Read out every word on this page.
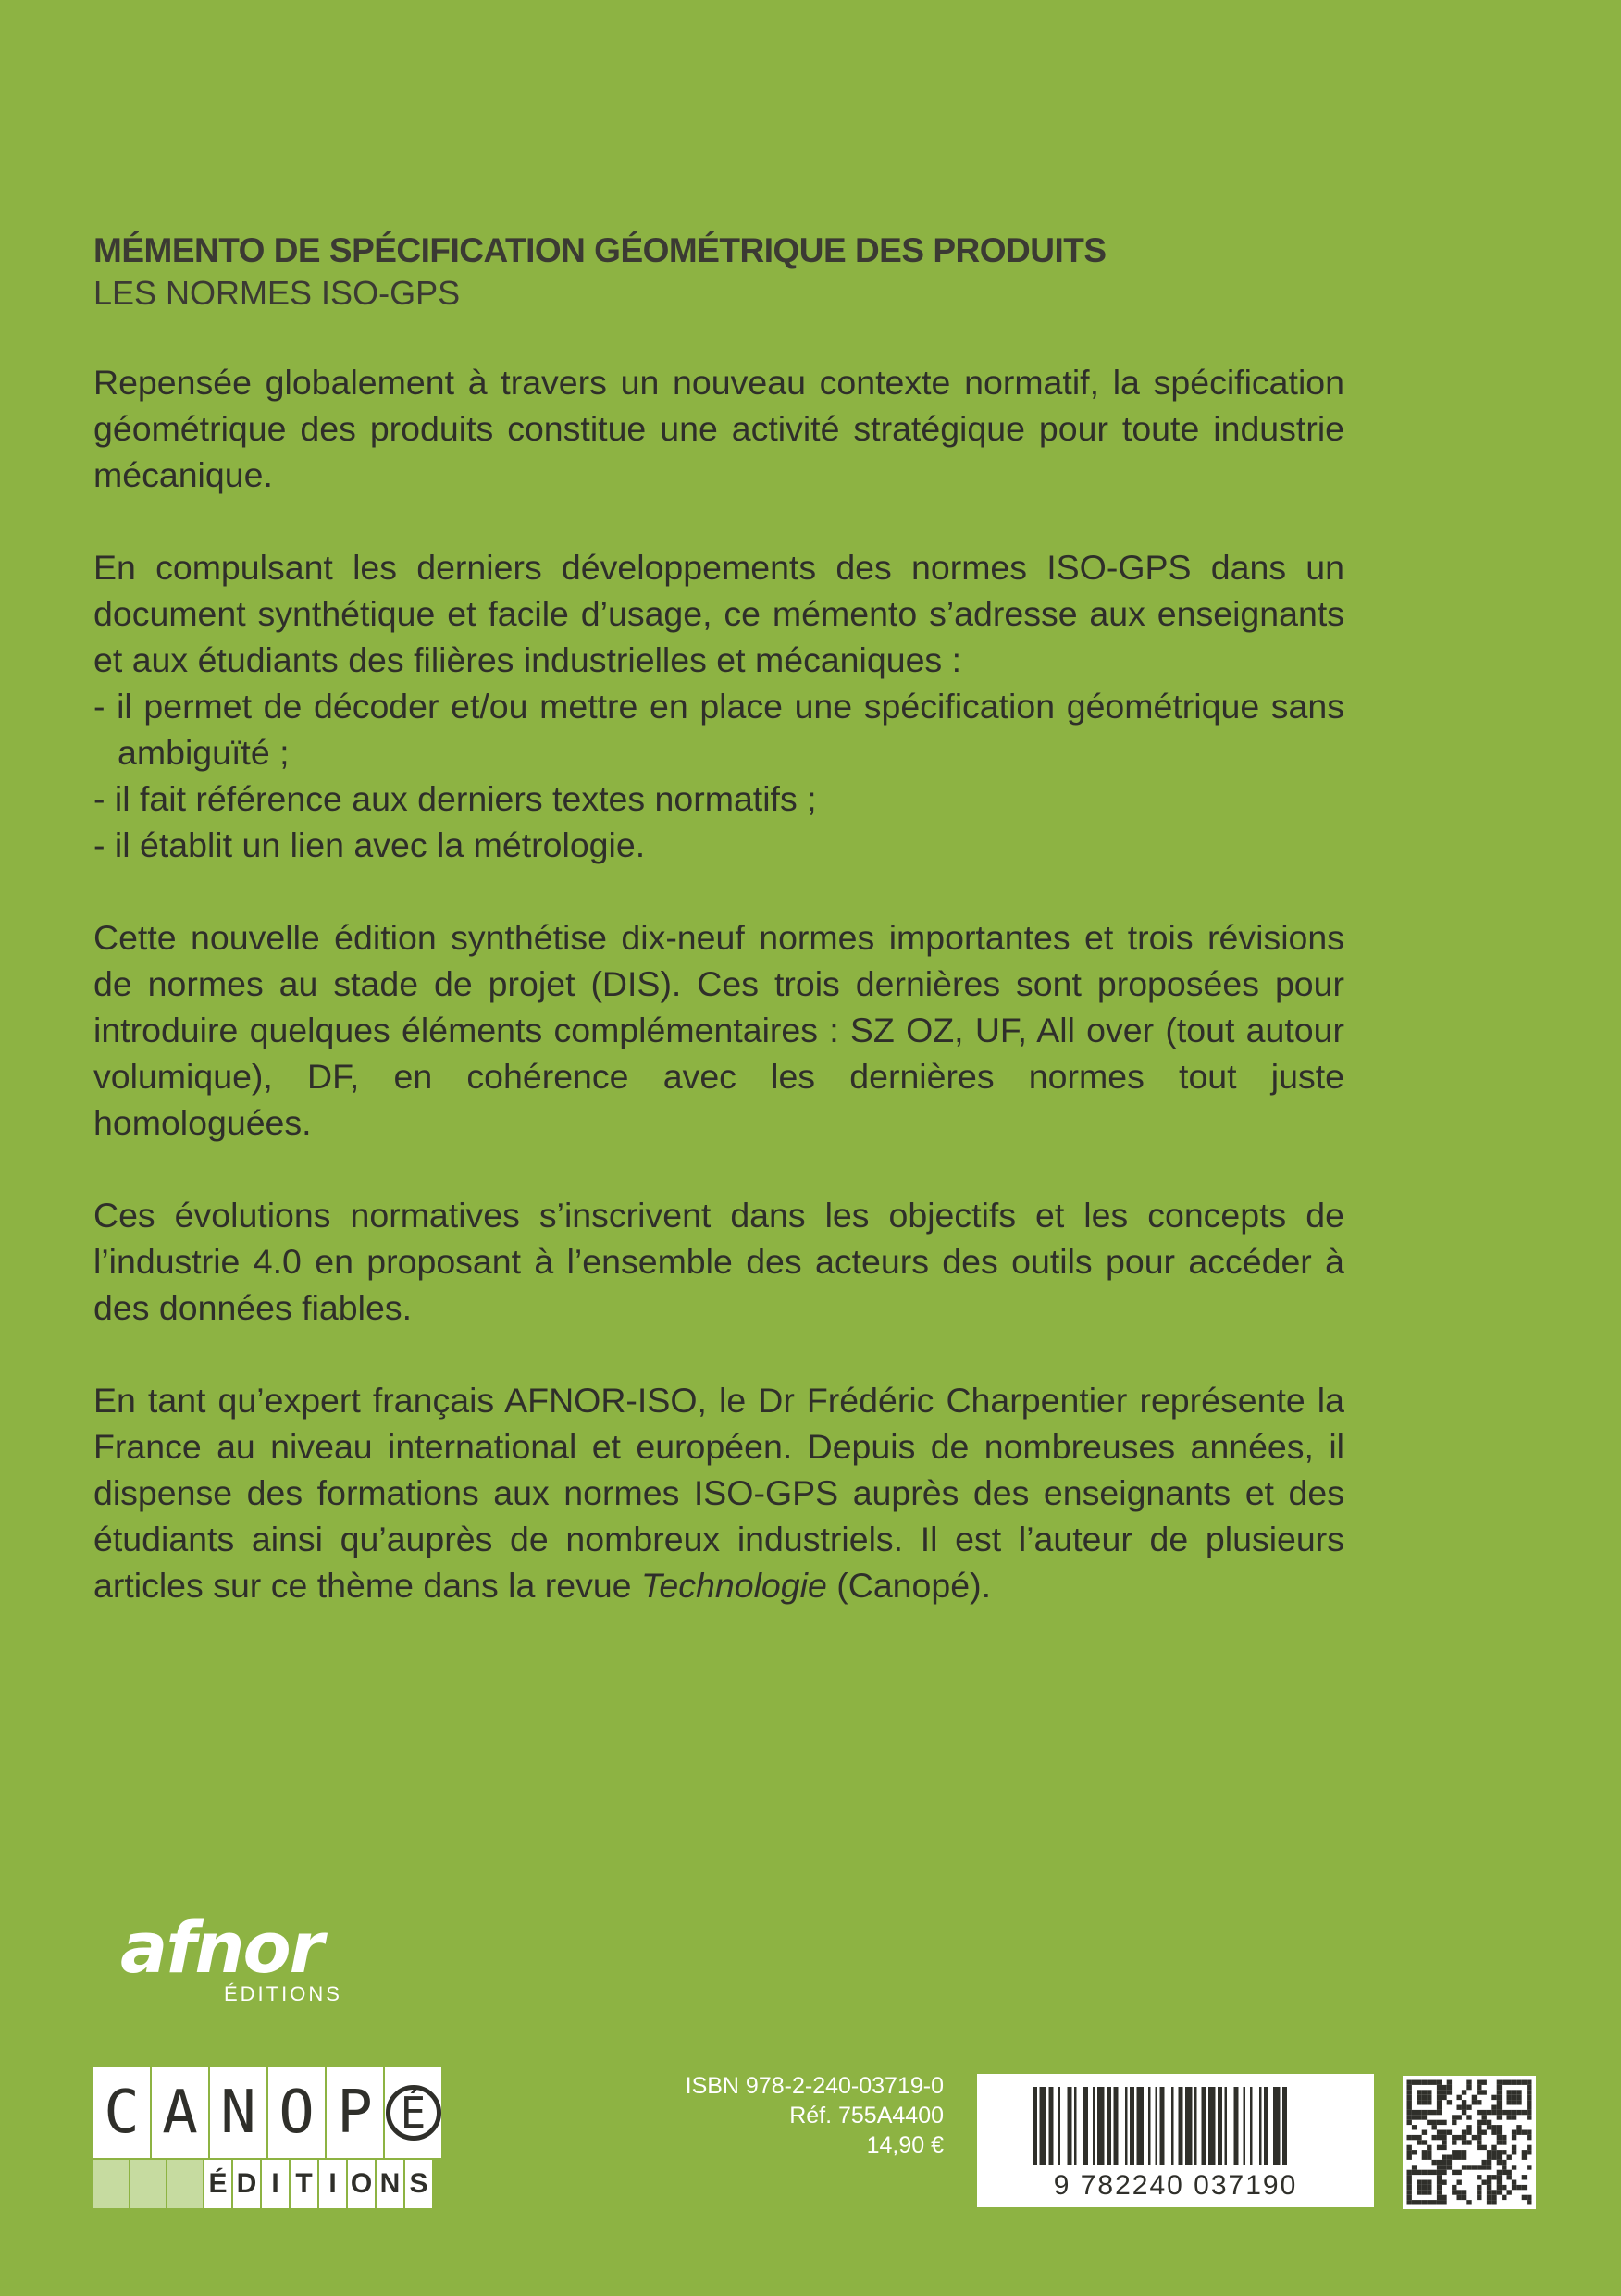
MÉMENTO DE SPÉCIFICATION GÉOMÉTRIQUE DES PRODUITS
LES NORMES ISO-GPS

Repensée globalement à travers un nouveau contexte normatif, la spécification géométrique des produits constitue une activité stratégique pour toute industrie mécanique.

En compulsant les derniers développements des normes ISO-GPS dans un document synthétique et facile d’usage, ce mémento s’adresse aux enseignants et aux étudiants des filières industrielles et mécaniques :
- il permet de décoder et/ou mettre en place une spécification géométrique sans ambiguïté ;
- il fait référence aux derniers textes normatifs ;
- il établit un lien avec la métrologie.

Cette nouvelle édition synthétise dix-neuf normes importantes et trois révisions de normes au stade de projet (DIS). Ces trois dernières sont proposées pour introduire quelques éléments complémentaires : SZ OZ, UF, All over (tout autour volumique), DF, en cohérence avec les dernières normes tout juste homologuées.

Ces évolutions normatives s’inscrivent dans les objectifs et les concepts de l’industrie 4.0 en proposant à l’ensemble des acteurs des outils pour accéder à des données fiables.

En tant qu’expert français AFNOR-ISO, le Dr Frédéric Charpentier représente la France au niveau international et européen. Depuis de nombreuses années, il dispense des formations aux normes ISO-GPS auprès des enseignants et des étudiants ainsi qu’auprès de nombreux industriels. Il est l’auteur de plusieurs articles sur ce thème dans la revue Technologie (Canopé).

afnor
ÉDITIONS
C A N O P É
É D I T I O N S
ISBN 978-2-240-03719-0
Réf. 755A4400
14,90 €
9 782240 037190
